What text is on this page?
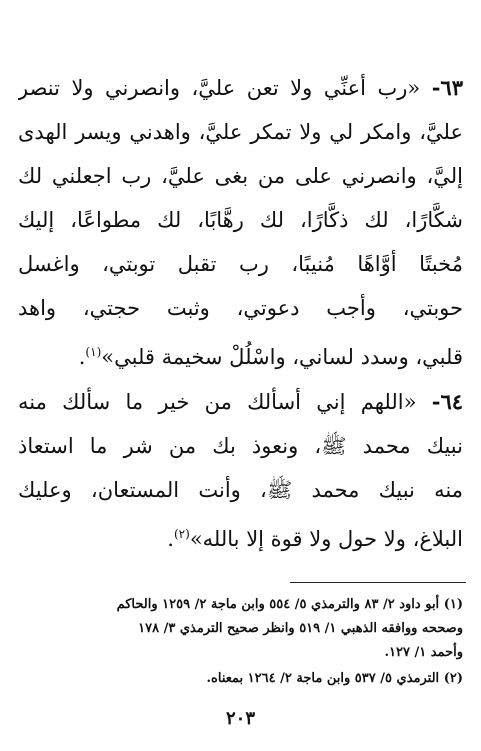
٦٣- «رب أعنِّي ولا تعن عليَّ، وانصرني ولا تنصر
عليَّ، وامكر لي ولا تمكر عليَّ، واهدني ويسر الهدى
إليَّ، وانصرني على من بغى عليَّ، رب اجعلني لك
شكَّارًا، لك ذكَّارًا، لك رهَّابًا، لك مطواعًا، إليك
مُخبتًا أوَّاهًا مُنيبًا، رب تقبل توبتي، واغسل
حوبتي، وأجب دعوتي، وثبت حجتي، واهد
قلبي، وسدد لساني، واسْلُلْ سخيمة قلبي»$^{(١)}$.
٦٤- «اللهم إني أسألك من خير ما سألك منه
نبيك محمد ﷺ، ونعوذ بك من شر ما استعاذ
منه نبيك محمد ﷺ، وأنت المستعان، وعليك
البلاغ، ولا حول ولا قوة إلا بالله»$^{(٢)}$.
(١) أبو داود ٢/ ٨٣ والترمذي ٥/ ٥٥٤ وابن ماجة ٢/ ١٢٥٩ والحاكم
وصححه ووافقه الذهبي ١/ ٥١٩ وانظر صحيح الترمذي ٣/ ١٧٨
وأحمد ١/ ١٢٧.
(٢) الترمذي ٥/ ٥٣٧ وابن ماجة ٢/ ١٢٦٤ بمعناه.
٢٠٣
